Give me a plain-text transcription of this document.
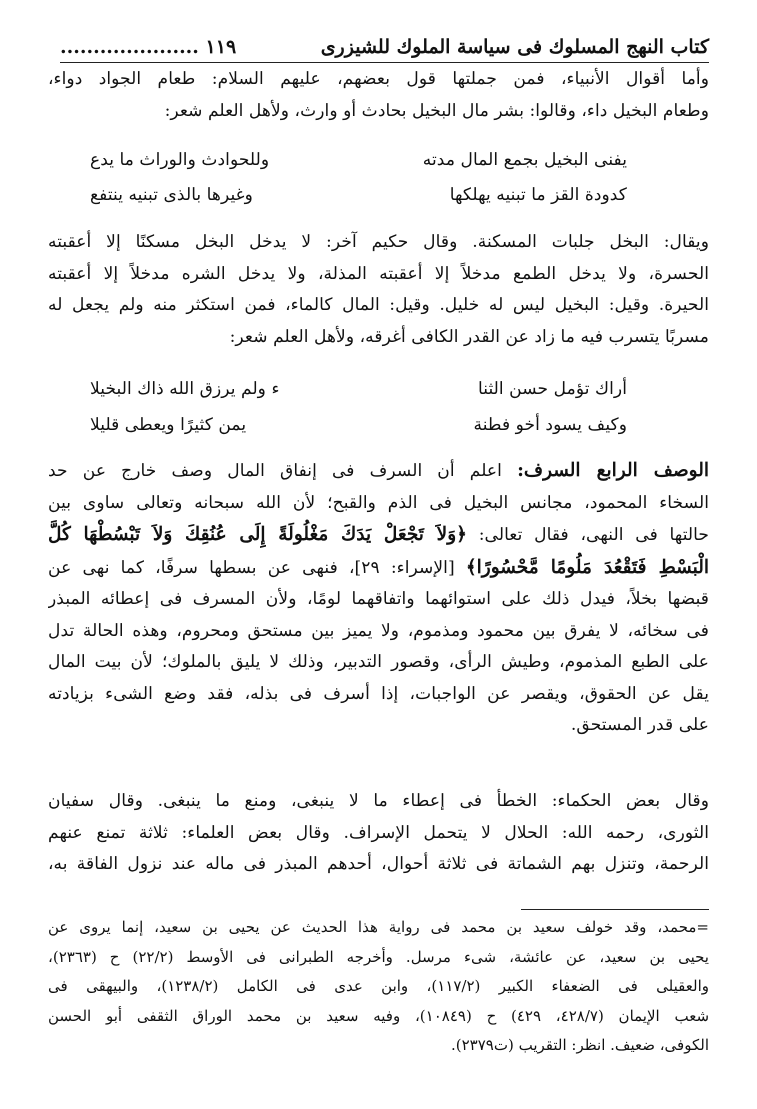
كتاب النهج المسلوك فى سياسة الملوك للشيزرى
..................... ١١٩
وأما أقوال الأنبياء، فمن جملتها قول بعضهم، عليهم السلام: طعام الجواد دواء،
وطعام البخيل داء، وقالوا: بشر مال البخيل بحادث أو وارث، ولأهل العلم شعر:
يفنى البخيل بجمع المال مدته
وللحوادث والوراث ما يدع
كدودة القز ما تبنيه يهلكها
وغيرها بالذى تبنيه ينتفع
ويقال: البخل جلبات المسكنة. وقال حكيم آخر: لا يدخل البخل مسكنًا إلا أعقبته
الحسرة، ولا يدخل الطمع مدخلاً إلا أعقبته المذلة، ولا يدخل الشره مدخلاً إلا أعقبته
الحيرة. وقيل: البخيل ليس له خليل. وقيل: المال كالماء، فمن استكثر منه ولم يجعل له
مسربًا يتسرب فيه ما زاد عن القدر الكافى أغرقه، ولأهل العلم شعر:
أراك تؤمل حسن الثنا
ء ولم يرزق الله ذاك البخيلا
وكيف يسود أخو فطنة
يمن كثيرًا ويعطى قليلا
الوصف الرابع السرف: اعلم أن السرف فى إنفاق المال وصف خارج عن حد
السخاء المحمود، مجانس البخيل فى الذم والقبح؛ لأن الله سبحانه وتعالى ساوى بين
حالتها فى النهى، فقال تعالى: ﴿وَلاَ تَجْعَلْ يَدَكَ مَغْلُولَةً إِلَى عُنُقِكَ وَلاَ تَبْسُطْهَا كُلَّ
الْبَسْطِ فَتَقْعُدَ مَلُومًا مَّحْسُورًا﴾ [الإسراء: ٢٩]، فنهى عن بسطها سرفًا، كما نهى عن
قبضها بخلاً، فيدل ذلك على استوائهما واتفاقهما لومًا، ولأن المسرف فى إعطائه المبذر
فى سخائه، لا يفرق بين محمود ومذموم، ولا يميز بين مستحق ومحروم، وهذه الحالة تدل
على الطبع المذموم، وطيش الرأى، وقصور التدبير، وذلك لا يليق بالملوك؛ لأن بيت المال
يقل عن الحقوق، ويقصر عن الواجبات، إذا أسرف فى بذله، فقد وضع الشىء بزيادته
على قدر المستحق.
وقال بعض الحكماء: الخطأ فى إعطاء ما لا ينبغى، ومنع ما ينبغى. وقال سفيان
الثورى، رحمه الله: الحلال لا يتحمل الإسراف. وقال بعض العلماء: ثلاثة تمنع عنهم
الرحمة، وتنزل بهم الشماتة فى ثلاثة أحوال، أحدهم المبذر فى ماله عند نزول الفاقة به،
=محمد، وقد خولف سعيد بن محمد فى رواية هذا الحديث عن يحيى بن سعيد، إنما يروى عن
يحيى بن سعيد، عن عائشة، شىء مرسل. وأخرجه الطبرانى فى الأوسط (٢٢/٢) ح (٢٣٦٣)،
والعقيلى فى الضعفاء الكبير (١١٧/٢)، وابن عدى فى الكامل (١٢٣٨/٢)، والبيهقى فى
شعب الإيمان (٤٢٨/٧، ٤٢٩) ح (١٠٨٤٩)، وفيه سعيد بن محمد الوراق الثقفى أبو الحسن
الكوفى، ضعيف. انظر: التقريب (ت٢٣٧٩).
